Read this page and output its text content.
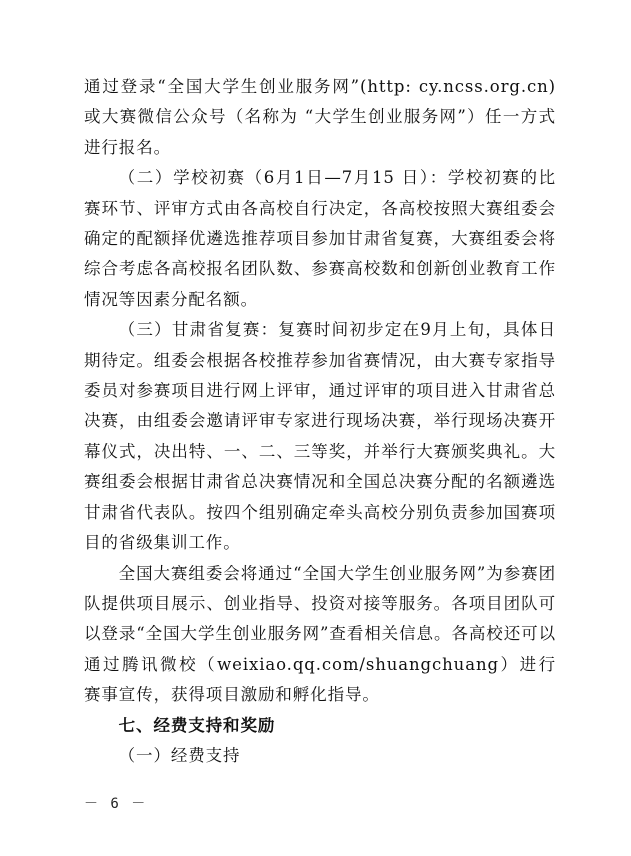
通过登录“全国大学生创业服务网”(http: cy.ncss.org.cn)或大赛微信公众号（名称为 “大学生创业服务网”）任一方式进行报名。

（二）学校初赛（6月1日—7月15 日）：学校初赛的比赛环节、评审方式由各高校自行决定，各高校按照大赛组委会确定的配额择优遴选推荐项目参加甘肃省复赛，大赛组委会将综合考虑各高校报名团队数、参赛高校数和创新创业教育工作情况等因素分配名额。

（三）甘肃省复赛：复赛时间初步定在9月上旬，具体日期待定。组委会根据各校推荐参加省赛情况，由大赛专家指导委员对参赛项目进行网上评审，通过评审的项目进入甘肃省总决赛，由组委会邀请评审专家进行现场决赛，举行现场决赛开幕仪式，决出特、一、二、三等奖，并举行大赛颁奖典礼。大赛组委会根据甘肃省总决赛情况和全国总决赛分配的名额遴选甘肃省代表队。按四个组别确定牵头高校分别负责参加国赛项目的省级集训工作。

全国大赛组委会将通过“全国大学生创业服务网”为参赛团队提供项目展示、创业指导、投资对接等服务。各项目团队可以登录“全国大学生创业服务网”查看相关信息。各高校还可以通过腾讯微校（weixiao.qq.com/shuangchuang）进行赛事宣传，获得项目激励和孵化指导。

七、经费支持和奖励

（一）经费支持

－ 6 －
